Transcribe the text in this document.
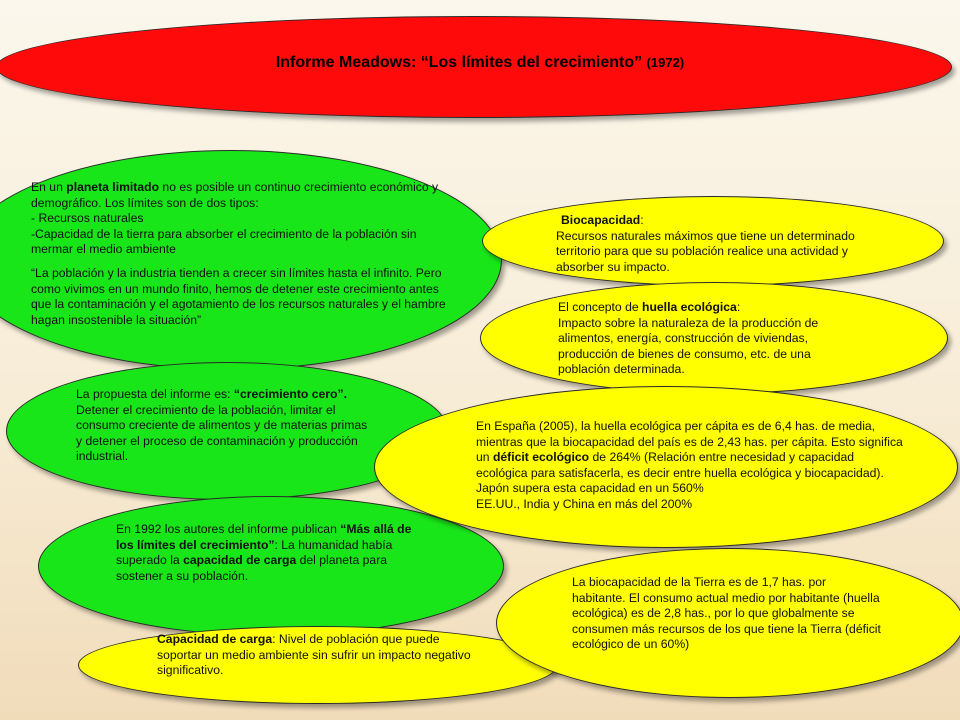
Informe Meadows: “Los límites del crecimiento” (1972)

En un planeta limitado no es posible un continuo crecimiento económico y demográfico. Los límites son de dos tipos:

- Recursos naturales

-Capacidad de la tierra para absorber el crecimiento de la población sin mermar el medio ambiente

“La población y la industria tienden a crecer sin límites hasta el infinito. Pero como vivimos en un mundo finito, hemos de detener este crecimiento antes que la contaminación y el agotamiento de los recursos naturales y el hambre hagan insostenible la situación”

La propuesta del informe es: “crecimiento cero”. Detener el crecimiento de la población, limitar el consumo creciente de alimentos y de materias primas y detener el proceso de contaminación y producción industrial.

En 1992 los autores del informe publican “Más allá de los límites del crecimiento”: La humanidad había superado la capacidad de carga del planeta para sostener a su población.

Capacidad de carga: Nivel de población que puede soportar un medio ambiente sin sufrir un impacto negativo significativo.

Biocapacidad:

Recursos naturales máximos que tiene un determinado territorio para que su población realice una actividad y absorber su impacto.

El concepto de huella ecológica:

Impacto sobre la naturaleza de la producción de alimentos, energía, construcción de viviendas, producción de bienes de consumo, etc. de una población determinada.

En España (2005), la huella ecológica per cápita es de 6,4 has. de media, mientras que la biocapacidad del país es de 2,43 has. per cápita. Esto significa un déficit ecológico de 264% (Relación entre necesidad y capacidad ecológica para satisfacerla, es decir entre huella ecológica y biocapacidad).

Japón supera esta capacidad en un 560%

EE.UU., India y China en más del 200%

La biocapacidad de la Tierra es de 1,7 has. por habitante. El consumo actual medio por habitante (huella ecológica) es de 2,8 has., por lo que globalmente se consumen más recursos de los que tiene la Tierra (déficit ecológico de un 60%)
